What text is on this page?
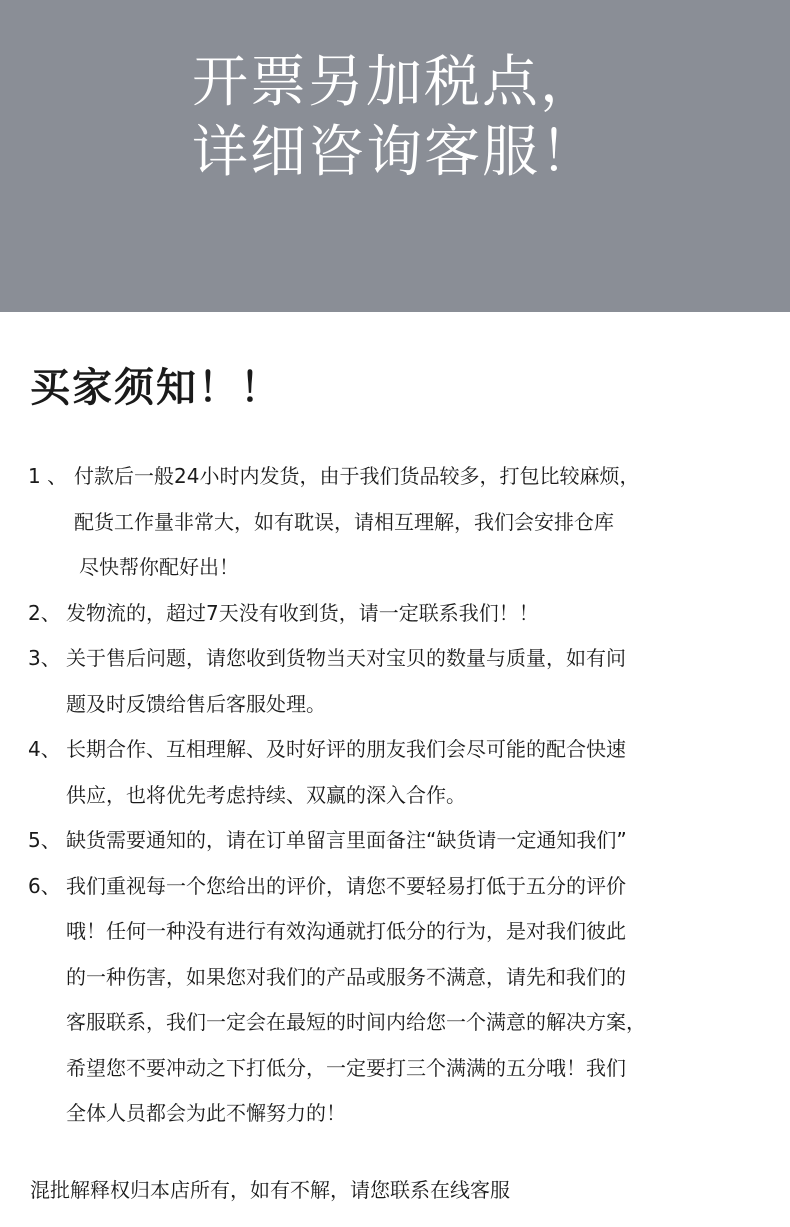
开票另加税点，
详细咨询客服！
买家须知！！
1 、 付款后一般24小时内发货，由于我们货品较多，打包比较麻烦，
配货工作量非常大，如有耽误，请相互理解，我们会安排仓库
尽快帮你配好出！
2、 发物流的，超过7天没有收到货，请一定联系我们！！
3、 关于售后问题，请您收到货物当天对宝贝的数量与质量，如有问
题及时反馈给售后客服处理。
4、 长期合作、互相理解、及时好评的朋友我们会尽可能的配合快速
供应，也将优先考虑持续、双赢的深入合作。
5、 缺货需要通知的，请在订单留言里面备注“缺货请一定通知我们”
6、 我们重视每一个您给出的评价，请您不要轻易打低于五分的评价
哦！任何一种没有进行有效沟通就打低分的行为，是对我们彼此
的一种伤害，如果您对我们的产品或服务不满意，请先和我们的
客服联系，我们一定会在最短的时间内给您一个满意的解决方案，
希望您不要冲动之下打低分，一定要打三个满满的五分哦！我们
全体人员都会为此不懈努力的！

混批解释权归本店所有，如有不解，请您联系在线客服
